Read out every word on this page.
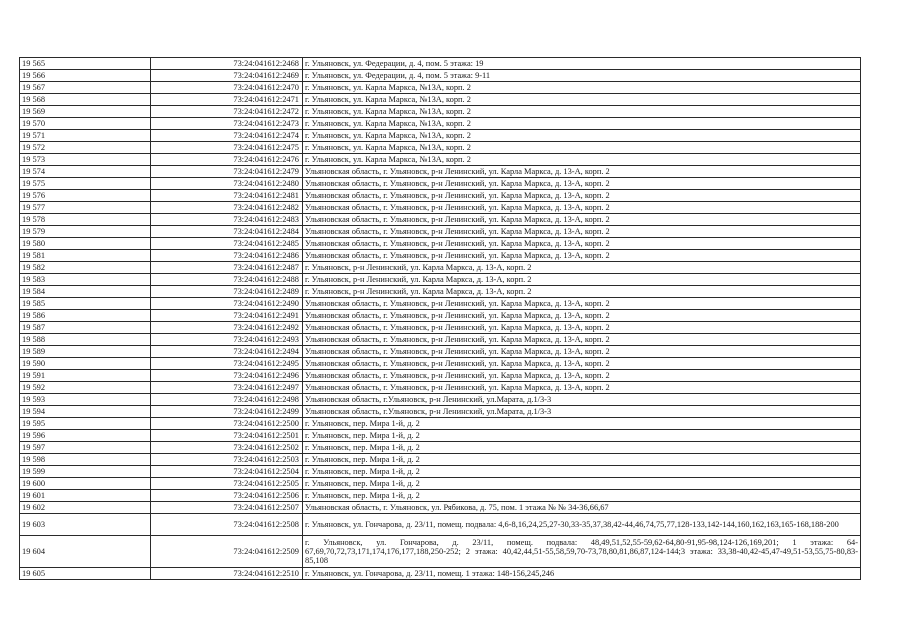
19 565	73:24:041612:2468	г. Ульяновск, ул. Федерации, д. 4, пом. 5 этажа: 19
19 566	73:24:041612:2469	г. Ульяновск, ул. Федерации, д. 4, пом. 5 этажа: 9-11
19 567	73:24:041612:2470	г. Ульяновск, ул. Карла Маркса, №13А, корп. 2
19 568	73:24:041612:2471	г. Ульяновск, ул. Карла Маркса, №13А, корп. 2
19 569	73:24:041612:2472	г. Ульяновск, ул. Карла Маркса, №13А, корп. 2
19 570	73:24:041612:2473	г. Ульяновск, ул. Карла Маркса, №13А, корп. 2
19 571	73:24:041612:2474	г. Ульяновск, ул. Карла Маркса, №13А, корп. 2
19 572	73:24:041612:2475	г. Ульяновск, ул. Карла Маркса, №13А, корп. 2
19 573	73:24:041612:2476	г. Ульяновск, ул. Карла Маркса, №13А, корп. 2
19 574	73:24:041612:2479	Ульяновская область, г. Ульяновск, р-н Ленинский, ул. Карла Маркса, д. 13-А, корп. 2
19 575	73:24:041612:2480	Ульяновская область, г. Ульяновск, р-н Ленинский, ул. Карла Маркса, д. 13-А, корп. 2
19 576	73:24:041612:2481	Ульяновская область, г. Ульяновск, р-н Ленинский, ул. Карла Маркса, д. 13-А, корп. 2
19 577	73:24:041612:2482	Ульяновская область, г. Ульяновск, р-н Ленинский, ул. Карла Маркса, д. 13-А, корп. 2
19 578	73:24:041612:2483	Ульяновская область, г. Ульяновск, р-н Ленинский, ул. Карла Маркса, д. 13-А, корп. 2
19 579	73:24:041612:2484	Ульяновская область, г. Ульяновск, р-н Ленинский, ул. Карла Маркса, д. 13-А, корп. 2
19 580	73:24:041612:2485	Ульяновская область, г. Ульяновск, р-н Ленинский, ул. Карла Маркса, д. 13-А, корп. 2
19 581	73:24:041612:2486	Ульяновская область, г. Ульяновск, р-н Ленинский, ул. Карла Маркса, д. 13-А, корп. 2
19 582	73:24:041612:2487	г. Ульяновск, р-н Ленинский, ул. Карла Маркса, д. 13-А, корп. 2
19 583	73:24:041612:2488	г. Ульяновск, р-н Ленинский, ул. Карла Маркса, д. 13-А, корп. 2
19 584	73:24:041612:2489	г. Ульяновск, р-н Ленинский, ул. Карла Маркса, д. 13-А, корп. 2
19 585	73:24:041612:2490	Ульяновская область, г. Ульяновск, р-н Ленинский, ул. Карла Маркса, д. 13-А, корп. 2
19 586	73:24:041612:2491	Ульяновская область, г. Ульяновск, р-н Ленинский, ул. Карла Маркса, д. 13-А, корп. 2
19 587	73:24:041612:2492	Ульяновская область, г. Ульяновск, р-н Ленинский, ул. Карла Маркса, д. 13-А, корп. 2
19 588	73:24:041612:2493	Ульяновская область, г. Ульяновск, р-н Ленинский, ул. Карла Маркса, д. 13-А, корп. 2
19 589	73:24:041612:2494	Ульяновская область, г. Ульяновск, р-н Ленинский, ул. Карла Маркса, д. 13-А, корп. 2
19 590	73:24:041612:2495	Ульяновская область, г. Ульяновск, р-н Ленинский, ул. Карла Маркса, д. 13-А, корп. 2
19 591	73:24:041612:2496	Ульяновская область, г. Ульяновск, р-н Ленинский, ул. Карла Маркса, д. 13-А, корп. 2
19 592	73:24:041612:2497	Ульяновская область, г. Ульяновск, р-н Ленинский, ул. Карла Маркса, д. 13-А, корп. 2
19 593	73:24:041612:2498	Ульяновская область, г.Ульяновск, р-н Ленинский, ул.Марата, д.1/3-3
19 594	73:24:041612:2499	Ульяновская область, г.Ульяновск, р-н Ленинский, ул.Марата, д.1/3-3
19 595	73:24:041612:2500	г. Ульяновск, пер. Мира 1-й, д. 2
19 596	73:24:041612:2501	г. Ульяновск, пер. Мира 1-й, д. 2
19 597	73:24:041612:2502	г. Ульяновск, пер. Мира 1-й, д. 2
19 598	73:24:041612:2503	г. Ульяновск, пер. Мира 1-й, д. 2
19 599	73:24:041612:2504	г. Ульяновск, пер. Мира 1-й, д. 2
19 600	73:24:041612:2505	г. Ульяновск, пер. Мира 1-й, д. 2
19 601	73:24:041612:2506	г. Ульяновск, пер. Мира 1-й, д. 2
19 602	73:24:041612:2507	Ульяновская область, г. Ульяновск, ул. Рябикова, д. 75, пом. 1 этажа № № 34-36,66,67
19 603	73:24:041612:2508	г. Ульяновск, ул. Гончарова, д. 23/11, помещ. подвала: 4,6-8,16,24,25,27-30,33-35,37,38,42-44,46,74,75,77,128-133,142-144,160,162,163,165-168,188-200
19 604	73:24:041612:2509	г. Ульяновск, ул. Гончарова, д. 23/11, помещ. подвала: 48,49,51,52,55-59,62-64,80-91,95-98,124-126,169,201; 1 этажа: 64-67,69,70,72,73,171,174,176,177,188,250-252; 2 этажа: 40,42,44,51-55,58,59,70-73,78,80,81,86,87,124-144;3 этажа: 33,38-40,42-45,47-49,51-53,55,75-80,83-85,108
19 605	73:24:041612:2510	г. Ульяновск, ул. Гончарова, д. 23/11, помещ. 1 этажа: 148-156,245,246
